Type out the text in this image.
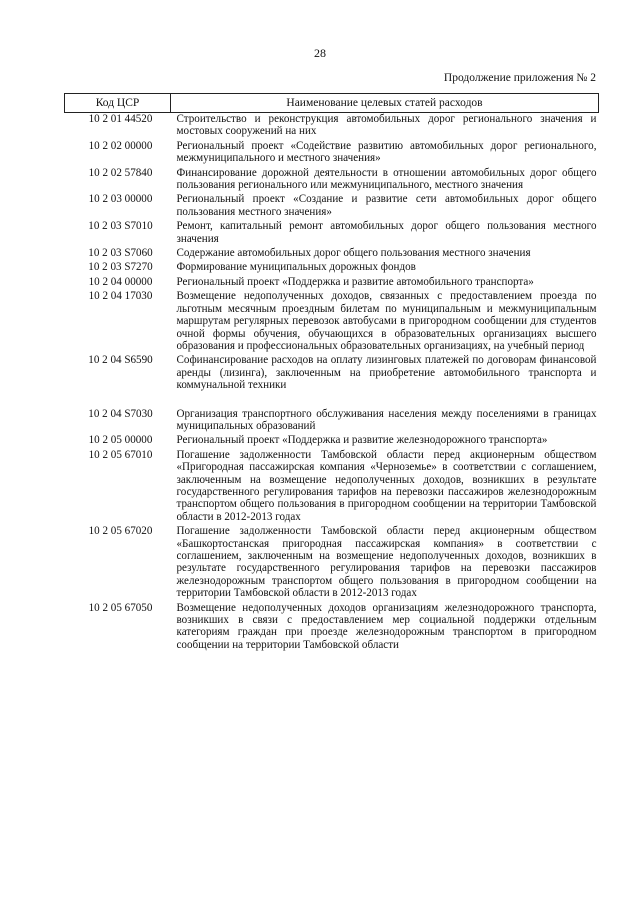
28
Продолжение приложения № 2
Код ЦСР	Наименование целевых статей расходов
10 2 01 44520	Строительство и реконструкция автомобильных дорог регионального значения и мостовых сооружений на них
10 2 02 00000	Региональный проект «Содействие развитию автомобильных дорог регионального, межмуниципального и местного значения»
10 2 02 57840	Финансирование дорожной деятельности в отношении автомобильных дорог общего пользования регионального или межмуниципального, местного значения
10 2 03 00000	Региональный проект «Создание и развитие сети автомобильных дорог общего пользования местного значения»
10 2 03 S7010	Ремонт, капитальный ремонт автомобильных дорог общего пользования местного значения
10 2 03 S7060	Содержание автомобильных дорог общего пользования местного значения
10 2 03 S7270	Формирование муниципальных дорожных фондов
10 2 04 00000	Региональный проект «Поддержка и развитие автомобильного транспорта»
10 2 04 17030	Возмещение недополученных доходов, связанных с предоставлением проезда по льготным месячным проездным билетам по муниципальным и межмуниципальным маршрутам регулярных перевозок автобусами в пригородном сообщении для студентов очной формы обучения, обучающихся в образовательных организациях высшего образования и профессиональных образовательных организациях, на учебный период
10 2 04 S6590	Софинансирование расходов на оплату лизинговых платежей по договорам финансовой аренды (лизинга), заключенным на приобретение автомобильного транспорта и коммунальной техники
10 2 04 S7030	Организация транспортного обслуживания населения между поселениями в границах муниципальных образований
10 2 05 00000	Региональный проект «Поддержка и развитие железнодорожного транспорта»
10 2 05 67010	Погашение задолженности Тамбовской области перед акционерным обществом «Пригородная пассажирская компания «Черноземье» в соответствии с соглашением, заключенным на возмещение недополученных доходов, возникших в результате государственного регулирования тарифов на перевозки пассажиров железнодорожным транспортом общего пользования в пригородном сообщении на территории Тамбовской области в 2012-2013 годах
10 2 05 67020	Погашение задолженности Тамбовской области перед акционерным обществом «Башкортостанская пригородная пассажирская компания» в соответствии с соглашением, заключенным на возмещение недополученных доходов, возникших в результате государственного регулирования тарифов на перевозки пассажиров железнодорожным транспортом общего пользования в пригородном сообщении на территории Тамбовской области в 2012-2013 годах
10 2 05 67050	Возмещение недополученных доходов организациям железнодорожного транспорта, возникших в связи с предоставлением мер социальной поддержки отдельным категориям граждан при проезде железнодорожным транспортом в пригородном сообщении на территории Тамбовской области
